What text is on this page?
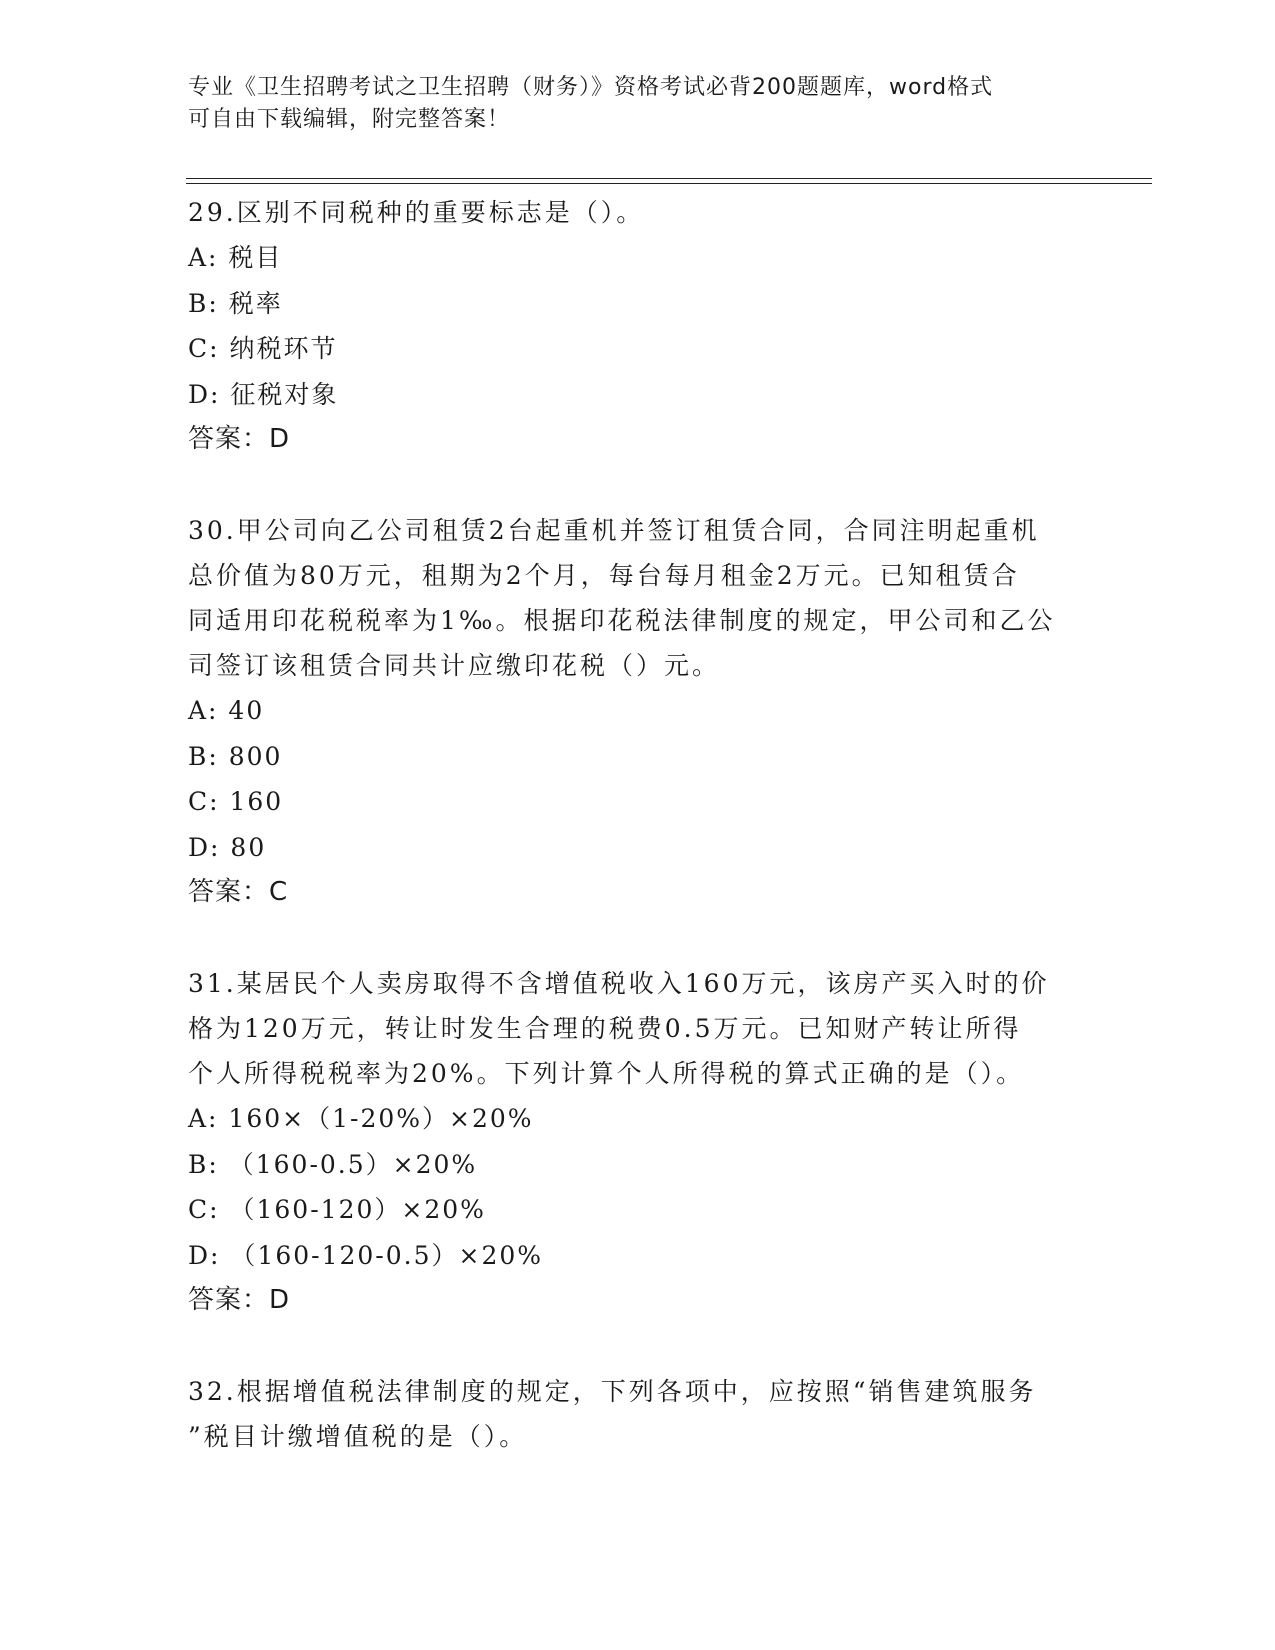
专业《卫生招聘考试之卫生招聘（财务）》资格考试必背200题题库，word格式
可自由下载编辑，附完整答案！
29.区别不同税种的重要标志是（）。
A: 税目
B: 税率
C: 纳税环节
D: 征税对象
答案：D
30.甲公司向乙公司租赁2台起重机并签订租赁合同，合同注明起重机
总价值为80万元，租期为2个月，每台每月租金2万元。已知租赁合
同适用印花税税率为1‰。根据印花税法律制度的规定，甲公司和乙公
司签订该租赁合同共计应缴印花税（）元。
A: 40
B: 800
C: 160
D: 80
答案：C
31.某居民个人卖房取得不含增值税收入160万元，该房产买入时的价
格为120万元，转让时发生合理的税费0.5万元。已知财产转让所得
个人所得税税率为20%。下列计算个人所得税的算式正确的是（）。
A: 160×（1-20%）×20%
B: （160-0.5）×20%
C: （160-120）×20%
D: （160-120-0.5）×20%
答案：D
32.根据增值税法律制度的规定，下列各项中，应按照“销售建筑服务
”税目计缴增值税的是（）。
